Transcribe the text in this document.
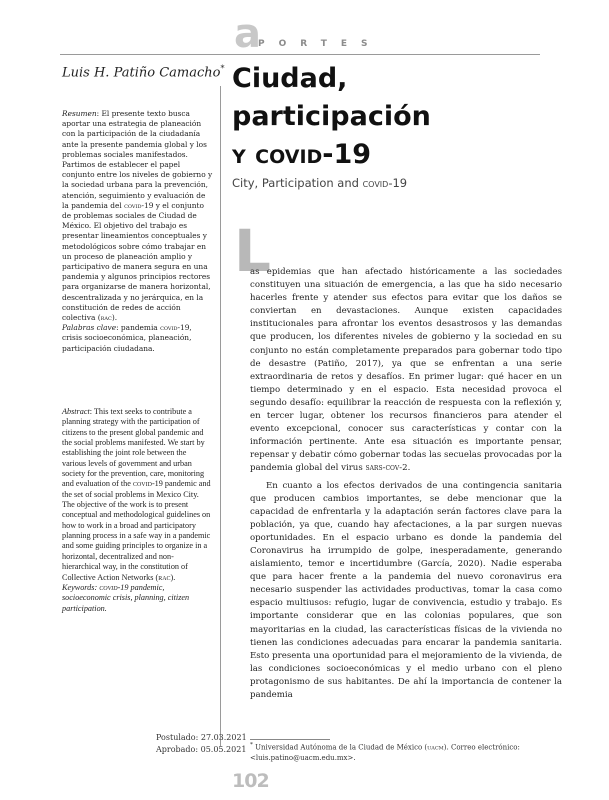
a
PORTES
Luis H. Patiño Camacho* Ciudad,
participación
y covid-19
City, Participation and covid-19

Resumen: El presente texto busca aportar una estrategia de planeación con la participación de la ciudadanía ante la presente pandemia global y los problemas sociales manifestados. Partimos de establecer el papel conjunto entre los niveles de gobierno y la sociedad urbana para la prevención, atención, seguimiento y evaluación de la pandemia del covid-19 y el conjunto de problemas sociales de Ciudad de México. El objetivo del trabajo es presentar lineamientos conceptuales y metodológicos sobre cómo trabajar en un proceso de planeación amplio y participativo de manera segura en una pandemia y algunos principios rectores para organizarse de manera horizontal, descentralizada y no jerárquica, en la constitución de redes de acción colectiva (rac).

Palabras clave: pandemia covid-19, crisis socioeconómica, planeación, participación ciudadana.

Abstract: This text seeks to contribute a planning strategy with the participation of citizens to the present global pandemic and the social problems manifested. We start by establishing the joint role between the various levels of government and urban society for the prevention, care, monitoring and evaluation of the covid-19 pandemic and the set of social problems in Mexico City. The objective of the work is to present conceptual and methodological guidelines on how to work in a broad and participatory planning process in a safe way in a pandemic and some guiding principles to organize in a horizontal, decentralized and non-hierarchical way, in the constitution of Collective Action Networks (rac).

Keywords: covid-19 pandemic, socioeconomic crisis, planning, citizen participation.

Postulado: 27.03.2021

Aprobado: 05.05.2021

L

as epidemias que han afectado históricamente a las sociedades constituyen una situación de emergencia, a las que ha sido necesario hacerles frente y atender sus efectos para evitar que los daños se conviertan en devastaciones. Aunque existen capacidades institucionales para afrontar los eventos desastrosos y las demandas que producen, los diferentes niveles de gobierno y la sociedad en su conjunto no están completamente preparados para gobernar todo tipo de desastre (Patiño, 2017), ya que se enfrentan a una serie extraordinaria de retos y desafíos. En primer lugar: qué hacer en un tiempo determinado y en el espacio. Esta necesidad provoca el segundo desafío: equilibrar la reacción de respuesta con la reflexión y, en tercer lugar, obtener los recursos financieros para atender el evento excepcional, conocer sus características y contar con la información pertinente. Ante esa situación es importante pensar, repensar y debatir cómo gobernar todas las secuelas provocadas por la pandemia global del virus sars-cov-2.

En cuanto a los efectos derivados de una contingencia sanitaria que producen cambios importantes, se debe mencionar que la capacidad de enfrentarla y la adaptación serán factores clave para la población, ya que, cuando hay afectaciones, a la par surgen nuevas oportunidades. En el espacio urbano es donde la pandemia del Coronavirus ha irrumpido de golpe, inesperadamente, generando aislamiento, temor e incertidumbre (García, 2020). Nadie esperaba que para hacer frente a la pandemia del nuevo coronavirus era necesario suspender las actividades productivas, tomar la casa como espacio multiusos: refugio, lugar de convivencia, estudio y trabajo. Es importante considerar que en las colonias populares, que son mayoritarias en la ciudad, las características físicas de la vivienda no tienen las condiciones adecuadas para encarar la pandemia sanitaria. Esto presenta una oportunidad para el mejoramiento de la vivienda, de las condiciones socioeconómicas y el medio urbano con el pleno protagonismo de sus habitantes. De ahí la importancia de contener la pandemia

* Universidad Autónoma de la Ciudad de México (uacm). Correo electrónico: <luis.patino@uacm.edu.mx>.

102
